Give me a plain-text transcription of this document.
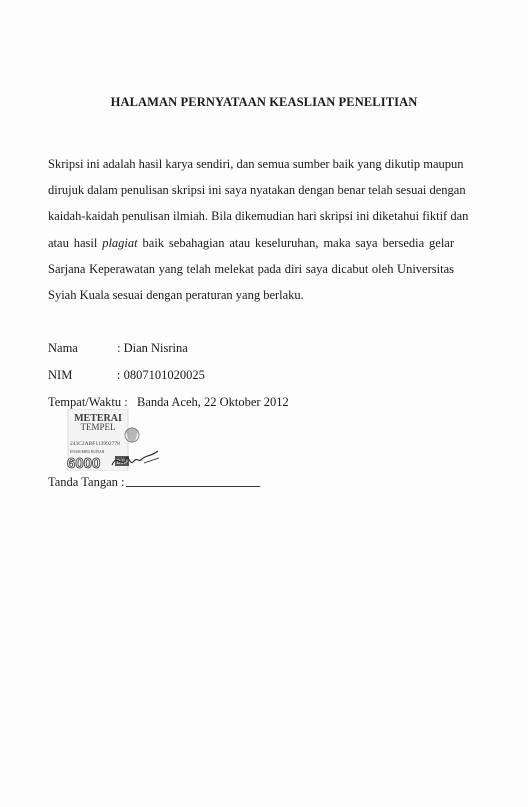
HALAMAN PERNYATAAN KEASLIAN PENELITIAN
Skripsi ini adalah hasil karya sendiri, dan semua sumber baik yang dikutip maupun
dirujuk dalam penulisan skripsi ini saya nyatakan dengan benar telah sesuai dengan
kaidah-kaidah penulisan ilmiah. Bila dikemudian hari skripsi ini diketahui fiktif dan
atau hasil plagiat baik sebahagian atau keseluruhan, maka saya bersedia gelar
Sarjana Keperawatan yang telah melekat pada diri saya dicabut oleh Universitas
Syiah Kuala sesuai dengan peraturan yang berlaku.
Nama	: Dian Nisrina
NIM	: 0807101020025
Tempat/Waktu : Banda Aceh, 22 Oktober 2012
METERAI
TEMPEL
243C2ABF113992778
ENAM RIBU RUPIAH
6000	DJP
Tanda Tangan :
